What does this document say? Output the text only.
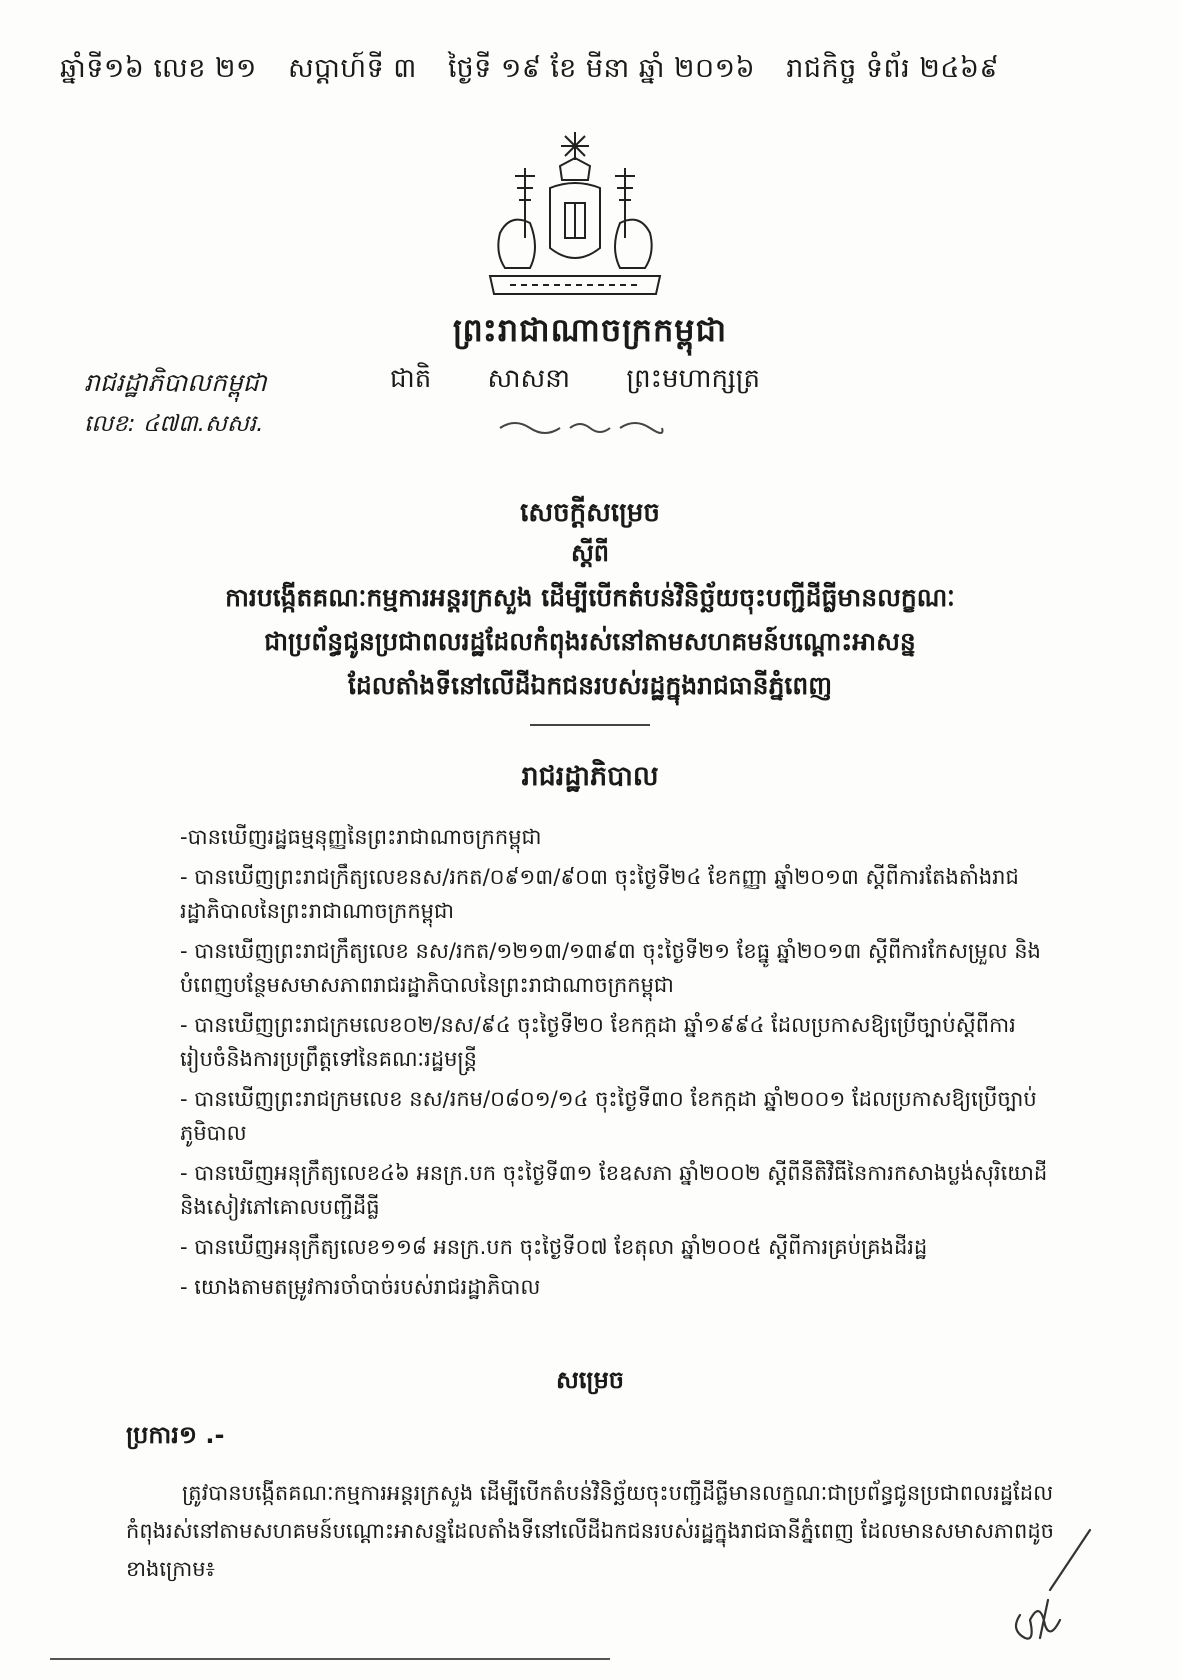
ឆ្នាំទី១៦ លេខ ២១ សប្តាហ៍ទី ៣ ថ្ងៃទី ១៩ ខែ មីនា ឆ្នាំ ២០១៦ រាជកិច្ច ទំព័រ ២៤៦៩
ព្រះរាជាណាចក្រកម្ពុជា
រាជរដ្ឋាភិបាលកម្ពុជា
លេខ: ៤៧៣.សសរ.
ជាតិ សាសនា ព្រះមហាក្សត្រ
សេចក្តីសម្រេច
ស្តីពី
ការបង្កើតគណៈកម្មការអន្តរក្រសួង ដើម្បីបើកតំបន់វិនិច្ឆ័យចុះបញ្ជីដីធ្លីមានលក្ខណៈ
ជាប្រព័ន្ធជូនប្រជាពលរដ្ឋដែលកំពុងរស់នៅតាមសហគមន៍បណ្តោះអាសន្ន
ដែលតាំងទីនៅលើដីឯកជនរបស់រដ្ឋក្នុងរាជធានីភ្នំពេញ
រាជរដ្ឋាភិបាល
-បានឃើញរដ្ឋធម្មនុញ្ញនៃព្រះរាជាណាចក្រកម្ពុជា
- បានឃើញព្រះរាជក្រឹត្យលេខនស/រកត/០៩១៣/៩០៣ ចុះថ្ងៃទី២៤ ខែកញ្ញា ឆ្នាំ២០១៣ ស្តីពីការតែងតាំងរាជរដ្ឋាភិបាលនៃព្រះរាជាណាចក្រកម្ពុជា
- បានឃើញព្រះរាជក្រឹត្យលេខ នស/រកត/១២១៣/១៣៩៣ ចុះថ្ងៃទី២១ ខែធ្នូ ឆ្នាំ២០១៣ ស្តីពីការកែសម្រួល និងបំពេញបន្ថែមសមាសភាពរាជរដ្ឋាភិបាលនៃព្រះរាជាណាចក្រកម្ពុជា
- បានឃើញព្រះរាជក្រមលេខ០២/នស/៩៤ ចុះថ្ងៃទី២០ ខែកក្កដា ឆ្នាំ១៩៩៤ ដែលប្រកាសឱ្យប្រើច្បាប់ស្តីពីការរៀបចំនិងការប្រព្រឹត្តទៅនៃគណៈរដ្ឋមន្ត្រី
- បានឃើញព្រះរាជក្រមលេខ នស/រកម/០៨០១/១៤ ចុះថ្ងៃទី៣០ ខែកក្កដា ឆ្នាំ២០០១ ដែលប្រកាសឱ្យប្រើច្បាប់ភូមិបាល
- បានឃើញអនុក្រឹត្យលេខ៤៦ អនក្រ.បក ចុះថ្ងៃទី៣១ ខែឧសភា ឆ្នាំ២០០២ ស្តីពីនីតិវិធីនៃការកសាងប្លង់សុរិយោដី និងសៀវភៅគោលបញ្ជីដីធ្លី
- បានឃើញអនុក្រឹត្យលេខ១១៨ អនក្រ.បក ចុះថ្ងៃទី០៧ ខែតុលា ឆ្នាំ២០០៥ ស្តីពីការគ្រប់គ្រងដីរដ្ឋ
- យោងតាមតម្រូវការចាំបាច់របស់រាជរដ្ឋាភិបាល
សម្រេច
ប្រការ១ .-

ត្រូវបានបង្កើតគណៈកម្មការអន្តរក្រសួង ដើម្បីបើកតំបន់វិនិច្ឆ័យចុះបញ្ជីដីធ្លីមានលក្ខណៈជាប្រព័ន្ធជូនប្រជាពលរដ្ឋដែលកំពុងរស់នៅតាមសហគមន៍បណ្តោះអាសន្នដែលតាំងទីនៅលើដីឯកជនរបស់រដ្ឋក្នុងរាជធានីភ្នំពេញ ដែលមានសមាសភាពដូចខាងក្រោម៖
